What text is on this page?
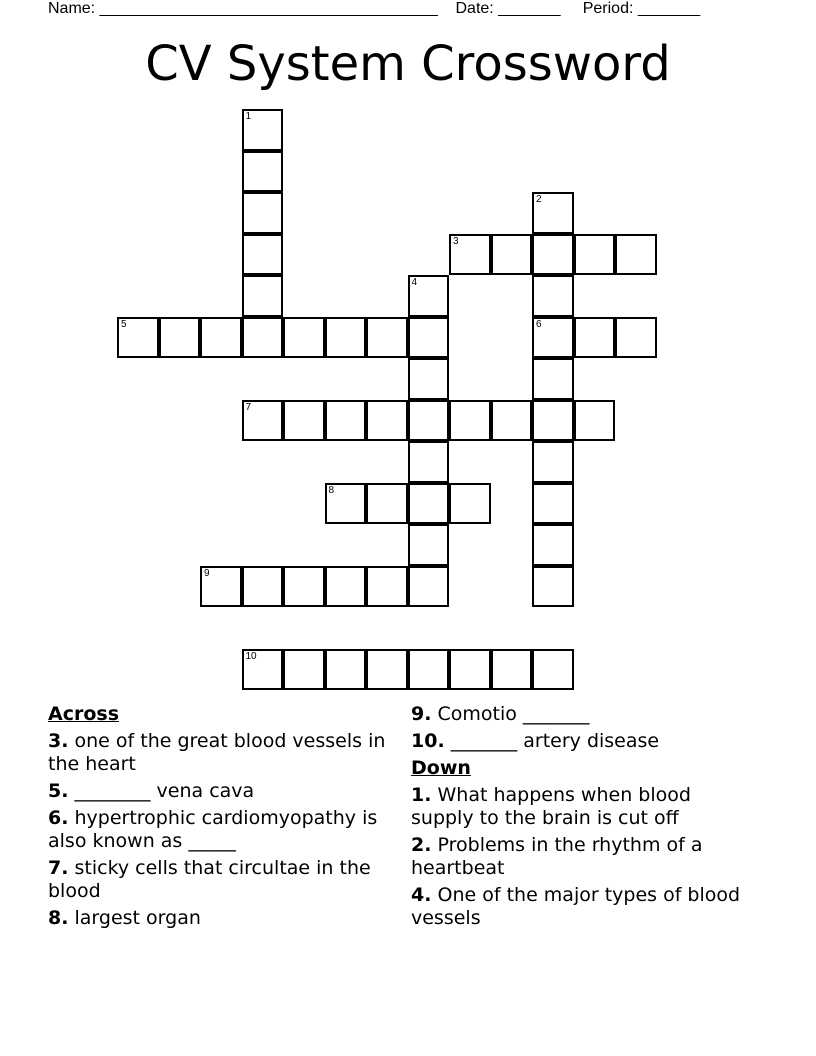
Name: ______________________________________ Date: _______ Period: _______
CV System Crossword
1
2
6
3
4
5
7
8
9
10

Across

3. one of the great blood vessels in the heart

5. ________ vena cava

6. hypertrophic cardiomyopathy is also known as _____

7. sticky cells that circultae in the blood

8. largest organ

9. Comotio _______

10. _______ artery disease

Down

1. What happens when blood supply to the brain is cut off

2. Problems in the rhythm of a heartbeat

4. One of the major types of blood vessels
